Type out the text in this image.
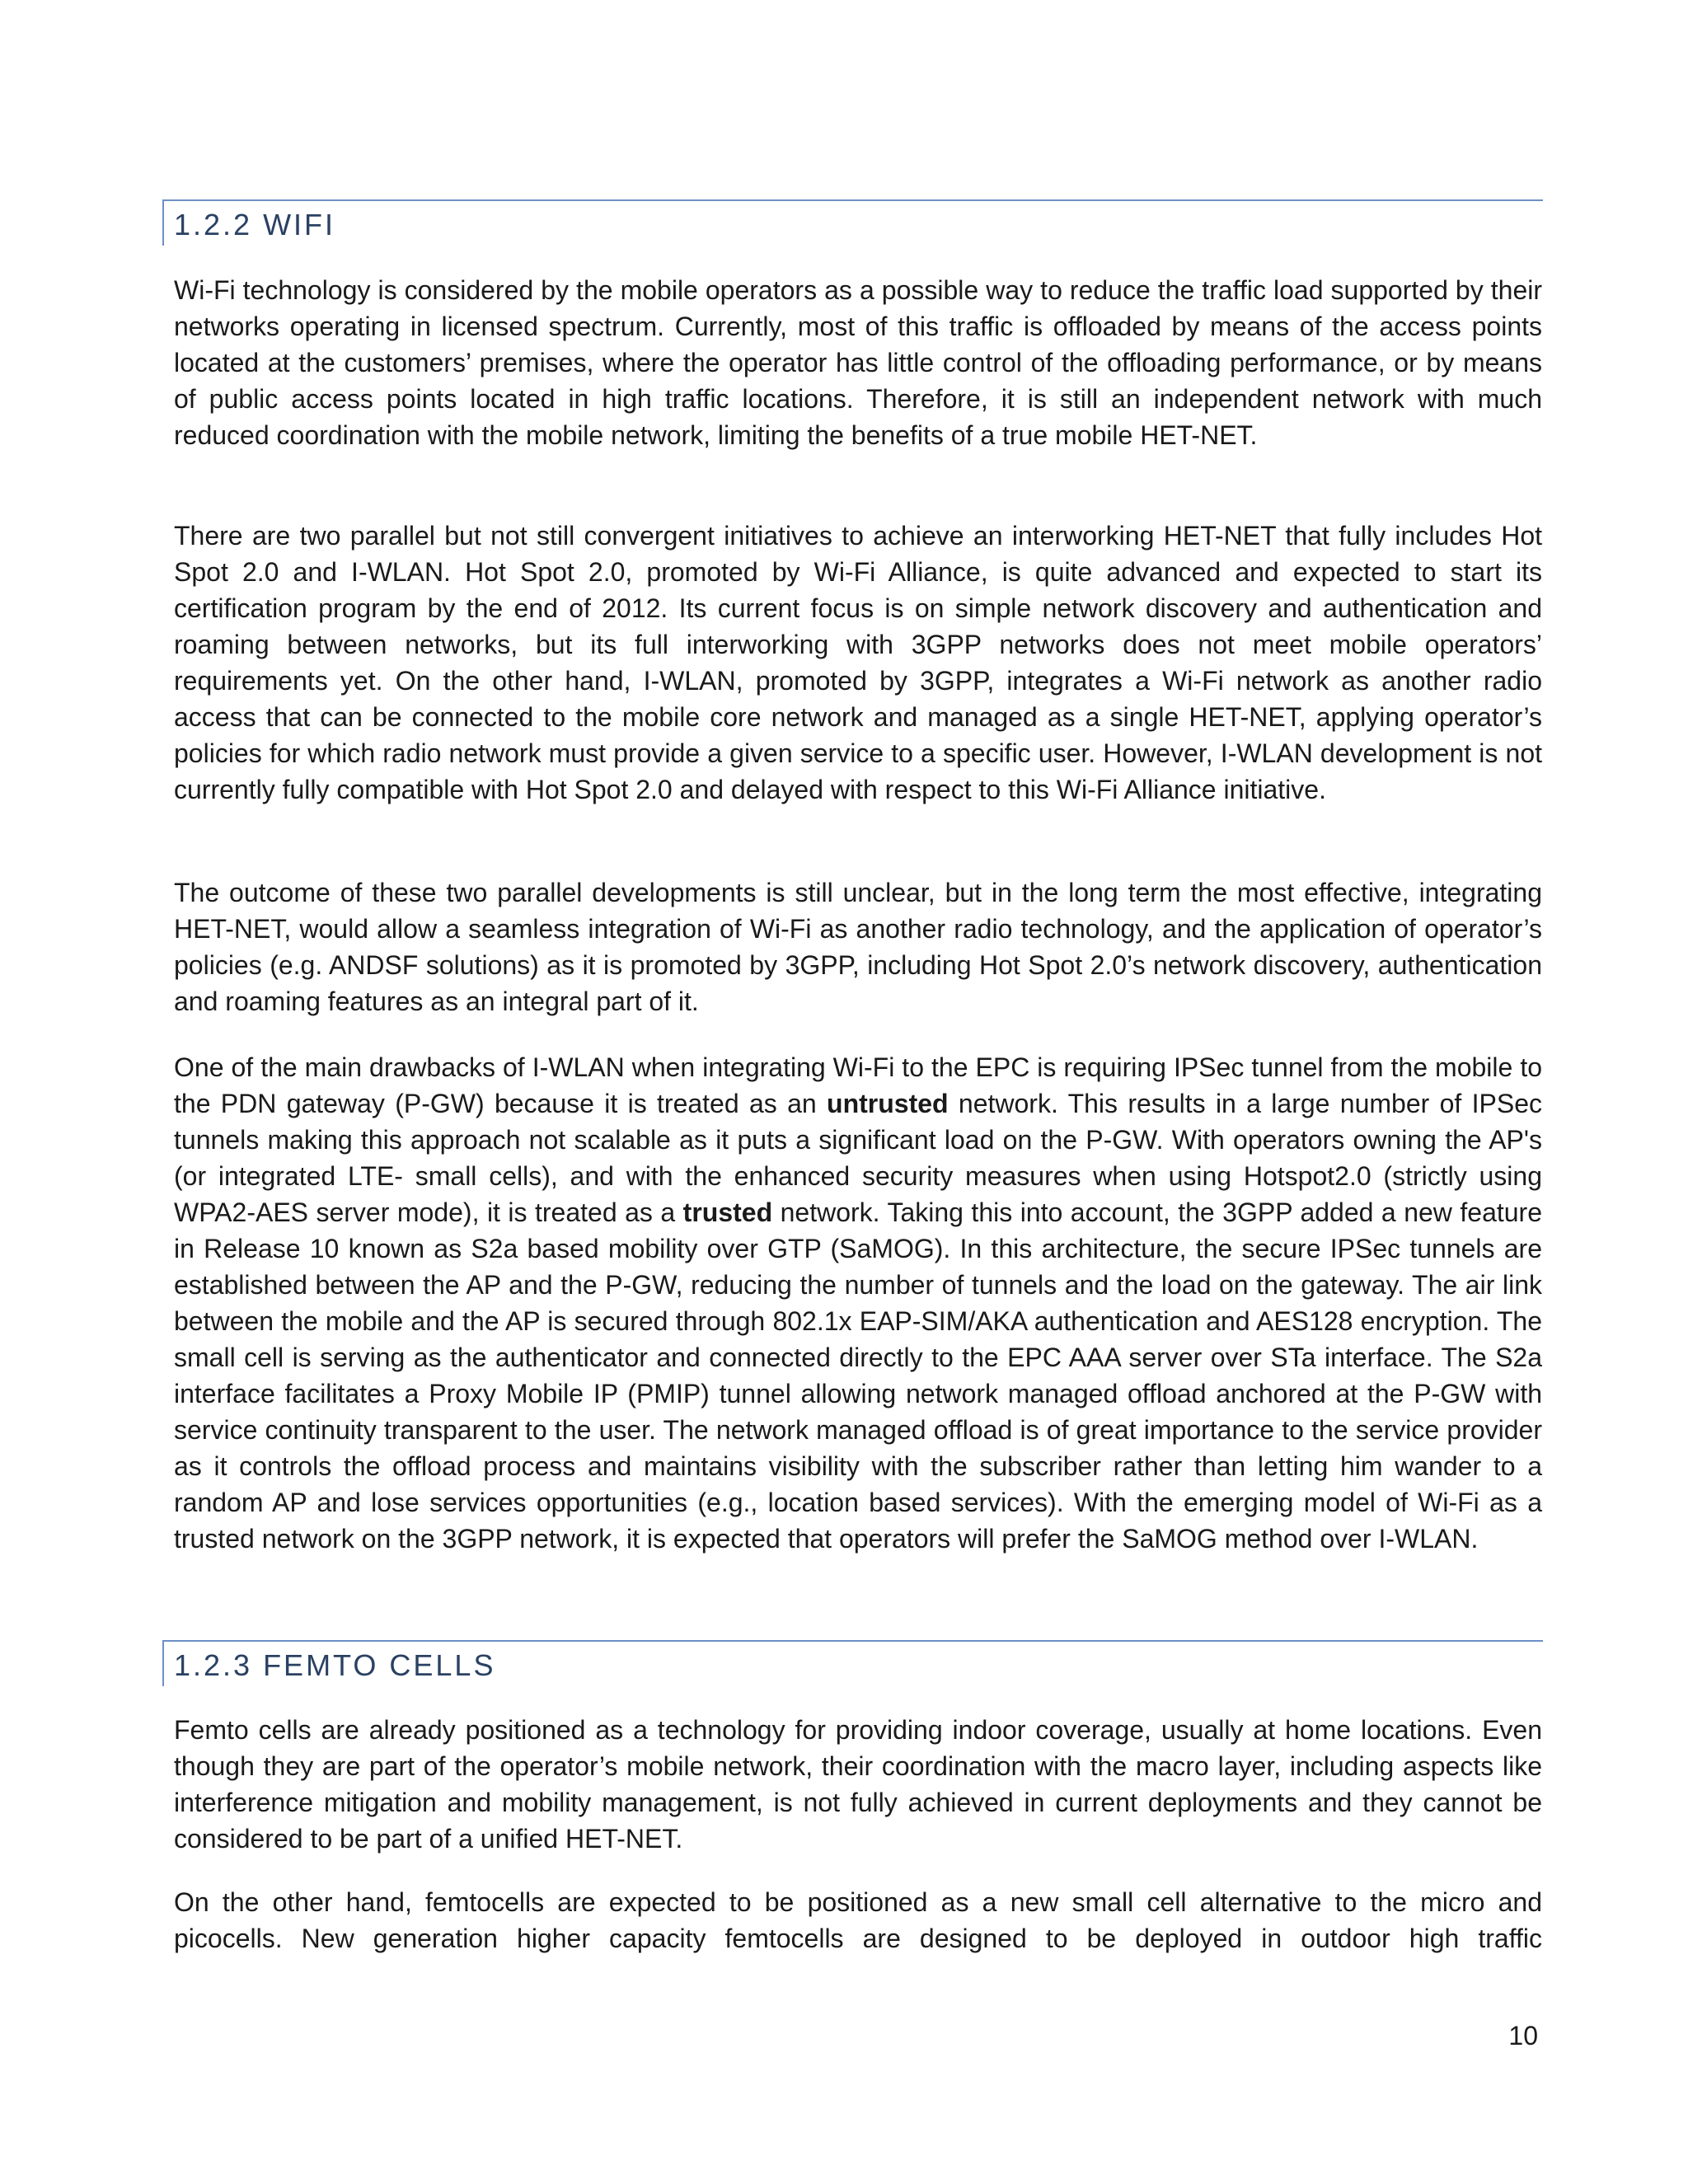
1.2.2 WIFI

Wi-Fi technology is considered by the mobile operators as a possible way to reduce the traffic load supported by their networks operating in licensed spectrum. Currently, most of this traffic is offloaded by means of the access points located at the customers’ premises, where the operator has little control of the offloading performance, or by means of public access points located in high traffic locations. Therefore, it is still an independent network with much reduced coordination with the mobile network, limiting the benefits of a true mobile HET-NET.

There are two parallel but not still convergent initiatives to achieve an interworking HET-NET that fully includes Hot Spot 2.0 and I-WLAN. Hot Spot 2.0, promoted by Wi-Fi Alliance, is quite advanced and expected to start its certification program by the end of 2012. Its current focus is on simple network discovery and authentication and roaming between networks, but its full interworking with 3GPP networks does not meet mobile operators’ requirements yet. On the other hand, I-WLAN, promoted by 3GPP, integrates a Wi-Fi network as another radio access that can be connected to the mobile core network and managed as a single HET-NET, applying operator’s policies for which radio network must provide a given service to a specific user. However, I-WLAN development is not currently fully compatible with Hot Spot 2.0 and delayed with respect to this Wi-Fi Alliance initiative.

The outcome of these two parallel developments is still unclear, but in the long term the most effective, integrating HET-NET, would allow a seamless integration of Wi-Fi as another radio technology, and the application of operator’s policies (e.g. ANDSF solutions) as it is promoted by 3GPP, including Hot Spot 2.0’s network discovery, authentication and roaming features as an integral part of it.

One of the main drawbacks of I-WLAN when integrating Wi-Fi to the EPC is requiring IPSec tunnel from the mobile to the PDN gateway (P-GW) because it is treated as an untrusted network. This results in a large number of IPSec tunnels making this approach not scalable as it puts a significant load on the P-GW. With operators owning the AP's (or integrated LTE- small cells), and with the enhanced security measures when using Hotspot2.0 (strictly using WPA2-AES server mode), it is treated as a trusted network. Taking this into account, the 3GPP added a new feature in Release 10 known as S2a based mobility over GTP (SaMOG). In this architecture, the secure IPSec tunnels are established between the AP and the P-GW, reducing the number of tunnels and the load on the gateway. The air link between the mobile and the AP is secured through 802.1x EAP-SIM/AKA authentication and AES128 encryption. The small cell is serving as the authenticator and connected directly to the EPC AAA server over STa interface. The S2a interface facilitates a Proxy Mobile IP (PMIP) tunnel allowing network managed offload anchored at the P-GW with service continuity transparent to the user. The network managed offload is of great importance to the service provider as it controls the offload process and maintains visibility with the subscriber rather than letting him wander to a random AP and lose services opportunities (e.g., location based services). With the emerging model of Wi-Fi as a trusted network on the 3GPP network, it is expected that operators will prefer the SaMOG method over I-WLAN.

1.2.3 FEMTO CELLS

Femto cells are already positioned as a technology for providing indoor coverage, usually at home locations. Even though they are part of the operator’s mobile network, their coordination with the macro layer, including aspects like interference mitigation and mobility management, is not fully achieved in current deployments and they cannot be considered to be part of a unified HET-NET.

On the other hand, femtocells are expected to be positioned as a new small cell alternative to the micro and picocells. New generation higher capacity femtocells are designed to be deployed in outdoor high traffic

10
